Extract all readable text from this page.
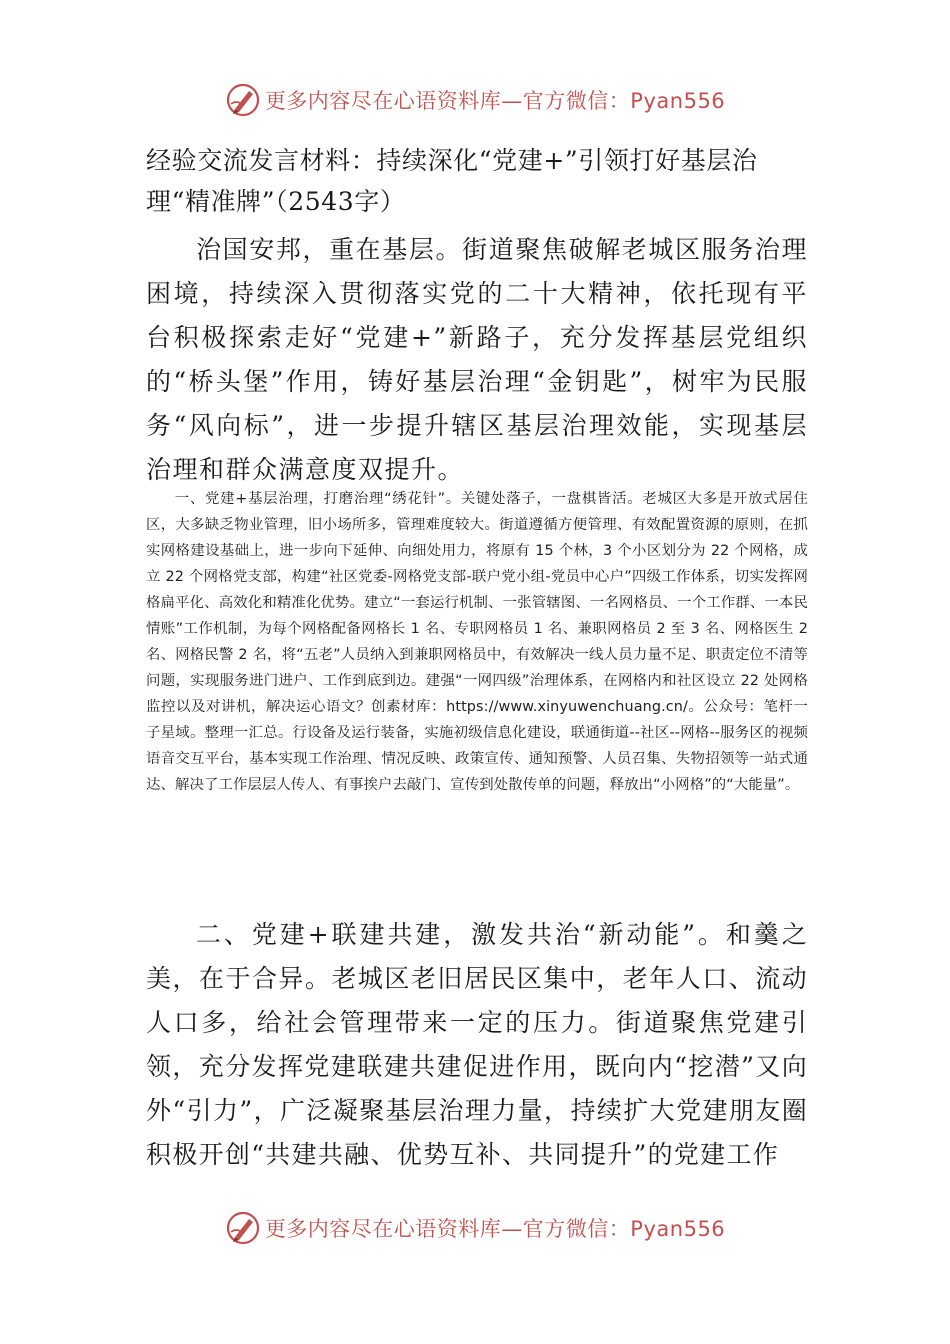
更多内容尽在心语资料库—官方微信：Pyan556
经验交流发言材料：持续深化“党建+”引领打好基层治理“精准牌”（2543字）

治国安邦，重在基层。街道聚焦破解老城区服务治理困境，持续深入贯彻落实党的二十大精神，依托现有平台积极探索走好“党建+”新路子，充分发挥基层党组织的“桥头堡”作用，铸好基层治理“金钥匙”，树牢为民服务“风向标”，进一步提升辖区基层治理效能，实现基层治理和群众满意度双提升。

一、党建+基层治理，打磨治理“绣花针”。关键处落子，一盘棋皆活。老城区大多是开放式居住区，大多缺乏物业管理，旧小场所多，管理难度较大。街道遵循方便管理、有效配置资源的原则，在抓实网格建设基础上，进一步向下延伸、向细处用力，将原有 15 个林，3 个小区划分为 22 个网格，成立 22 个网格党支部，构建“社区党委-网格党支部-联户党小组-党员中心户”四级工作体系，切实发挥网格扁平化、高效化和精准化优势。建立“一套运行机制、一张管辖图、一名网格员、一个工作群、一本民情账”工作机制，为每个网格配备网格长 1 名、专职网格员 1 名、兼职网格员 2 至 3 名、网格医生 2 名、网格民警 2 名，将“五老”人员纳入到兼职网格员中，有效解决一线人员力量不足、职责定位不清等问题，实现服务进门进户、工作到底到边。建强“一网四级”治理体系，在网格内和社区设立 22 处网格监控以及对讲机，解决运心语文？创素材库：https://www.xinyuwenchuang.cn/。公众号：笔杆一子星域。整理一汇总。行设备及运行装备，实施初级信息化建设，联通街道--社区--网格--服务区的视频语音交互平台，基本实现工作治理、情况反映、政策宣传、通知预警、人员召集、失物招领等一站式通达、解决了工作层层人传人、有事挨户去敲门、宣传到处散传单的问题，释放出“小网格”的“大能量”。

二、党建+联建共建，激发共治“新动能”。和羹之美，在于合异。老城区老旧居民区集中，老年人口、流动人口多，给社会管理带来一定的压力。街道聚焦党建引领，充分发挥党建联建共建促进作用，既向内“挖潜”又向外“引力”，广泛凝聚基层治理力量，持续扩大党建朋友圈积极开创“共建共融、优势互补、共同提升”的党建工作

更多内容尽在心语资料库—官方微信：Pyan556
